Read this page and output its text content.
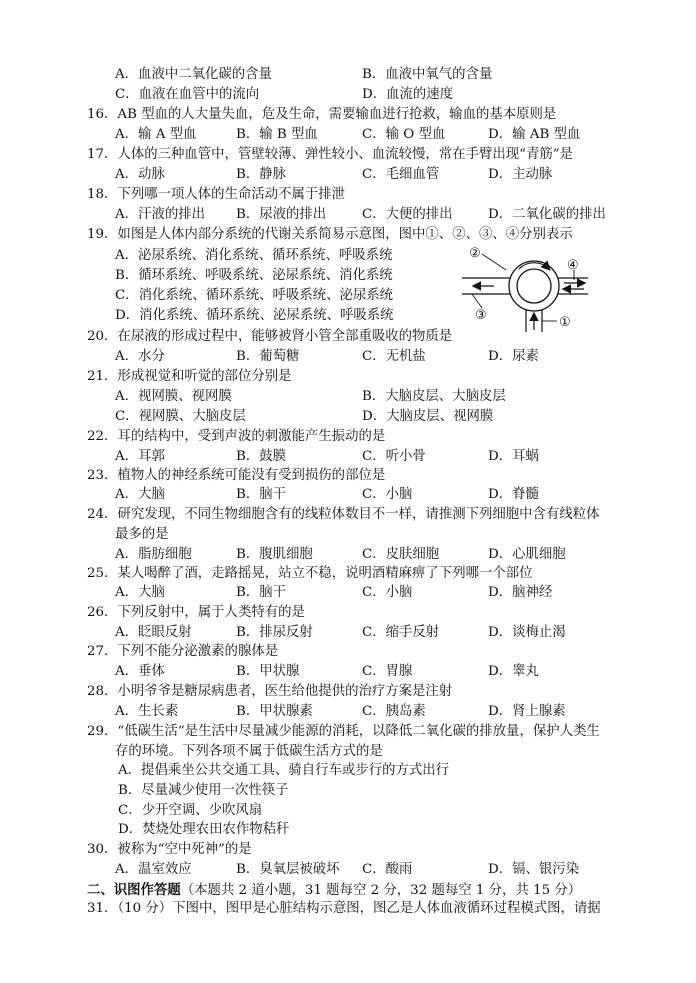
A．血液中二氧化碳的含量	B．血液中氧气的含量
C．血液在血管中的流向	D．血流的速度
16．AB 型血的人大量失血，危及生命，需要输血进行抢救，输血的基本原则是
A．输 A 型血	B．输 B 型血	C．输 O 型血	D．输 AB 型血
17．人体的三种血管中，管壁较薄、弹性较小、血流较慢，常在手臂出现“青筋”是
A．动脉	B．静脉	C．毛细血管	D．主动脉
18．下列哪一项人体的生命活动不属于排泄
A．汗液的排出 B．尿液的排出	C．大便的排出	D．二氧化碳的排出
19．如图是人体内部分系统的代谢关系简易示意图，图中①、②、③、④分别表示
A．泌尿系统、消化系统、循环系统、呼吸系统
B．循环系统、呼吸系统、泌尿系统、消化系统
C．消化系统、循环系统、呼吸系统、泌尿系统
D．消化系统、循环系统、泌尿系统、呼吸系统
②
③
④
①
20．在尿液的形成过程中，能够被肾小管全部重吸收的物质是
A．水分	B．葡萄糖	C．无机盐	D．尿素
21．形成视觉和听觉的部位分别是
A．视网膜、视网膜	B．大脑皮层、大脑皮层
C．视网膜、大脑皮层	D．大脑皮层、视网膜
22．耳的结构中，受到声波的刺激能产生振动的是
A．耳郭	B．鼓膜	C．听小骨	D．耳蜗
23．植物人的神经系统可能没有受到损伤的部位是
A．大脑	B．脑干	C．小脑	D．脊髓
24．研究发现，不同生物细胞含有的线粒体数目不一样，请推测下列细胞中含有线粒体
最多的是
A．脂肪细胞	B．腹肌细胞	C．皮肤细胞	D．心肌细胞
25．某人喝醉了酒，走路摇晃，站立不稳，说明酒精麻痹了下列哪一个部位
A．大脑	B．脑干	C．小脑	D．脑神经
26．下列反射中，属于人类特有的是
A．眨眼反射	B．排尿反射	C．缩手反射	D．谈梅止渴
27．下列不能分泌激素的腺体是
A．垂体	B．甲状腺	C．胃腺	D．睾丸
28．小明爷爷是糖尿病患者，医生给他提供的治疗方案是注射
A．生长素	B．甲状腺素	C．胰岛素	D．肾上腺素
29．“低碳生活”是生活中尽量减少能源的消耗，以降低二氧化碳的排放量，保护人类生
存的环境。下列各项不属于低碳生活方式的是
A．提倡乘坐公共交通工具、骑自行车或步行的方式出行
B．尽量减少使用一次性筷子
C．少开空调、少吹风扇
D．焚烧处理农田农作物秸秆
30．被称为“空中死神”的是
A．温室效应	B．臭氧层被破坏 C．酸雨	D．镉、银污染
二、识图作答题（本题共 2 道小题，31 题每空 2 分，32 题每空 1 分，共 15 分）
31．（10 分）下图中，图甲是心脏结构示意图，图乙是人体血液循环过程模式图，请据
